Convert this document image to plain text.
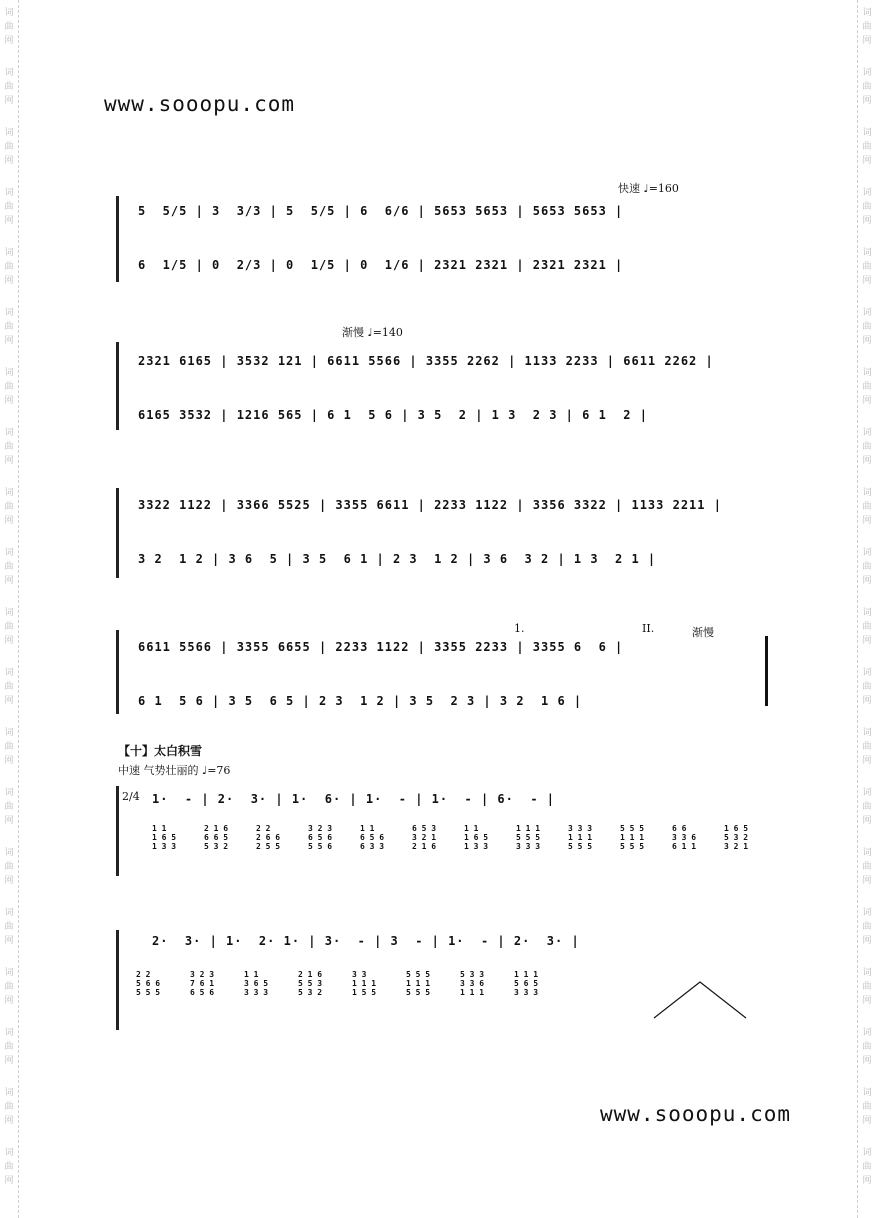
词
曲
网
词
曲
网
词
曲
网
词
曲
网
词
曲
网
词
曲
网
词
曲
网
词
曲
网
词
曲
网
词
曲
网
词
曲
网
词
曲
网
词
曲
网
词
曲
网
词
曲
网
词
曲
网
词
曲
网
词
曲
网
词
曲
网
词
曲
网
词
曲
网
词
曲
网
词
曲
网
词
曲
网
词
曲
网
词
曲
网
词
曲
网
词
曲
网
词
曲
网
词
曲
网
词
曲
网
词
曲
网
词
曲
网
词
曲
网
词
曲
网
词
曲
网
词
曲
网
词
曲
网
词
曲
网
词
曲
网
www.sooopu.com
快速 ♩=160
5  5/5 | 3  3/3 | 5  5/5 | 6  6/6 | 5653 5653 | 5653 5653 |
6  1/5 | 0  2/3 | 0  1/5 | 0  1/6 | 2321 2321 | 2321 2321 |
渐慢 ♩=140
2321 6165 | 3532 121 | 6611 5566 | 3355 2262 | 1133 2233 | 6611 2262 |
6165 3532 | 1216 565 | 6 1  5 6 | 3 5  2 | 1 3  2 3 | 6 1  2 |
3322 1122 | 3366 5525 | 3355 6611 | 2233 1122 | 3356 3322 | 1133 2211 |
3 2  1 2 | 3 6  5 | 3 5  6 1 | 2 3  1 2 | 3 6  3 2 | 1 3  2 1 |
1.	II.	渐慢
6611 5566 | 3355 6655 | 2233 1122 | 3355 2233 | 3355 6  6 |
6 1  5 6 | 3 5  6 5 | 2 3  1 2 | 3 5  2 3 | 3 2  1 6 |
【十】太白积雪
中速 气势壮丽的 ♩=76
2/4 1·  - | 2·  3· | 1·  6· | 1·  - | 1·  - | 6·  - |
1 1
1 6 5
1 3 3
2 1 6
6 6 5
5 3 2
2 2
2 6 6
2 5 5
3 2 3
6 5 6
5 5 6
1 1
6 5 6
6 3 3
6 5 3
3 2 1
2 1 6
1 1
1 6 5
1 3 3
1 1 1
5 5 5
3 3 3
3 3 3
1 1 1
5 5 5
5 5 5
1 1 1
5 5 5
6 6
3 3 6
6 1 1
1 6 5
5 3 2
3 2 1
2·  3· | 1·  2· 1· | 3·  - | 3  - | 1·  - | 2·  3· |
2 2
5 6 6
5 5 5
3 2 3
7 6 1
6 5 6
1 1
3 6 5
3 3 3
2 1 6
5 5 3
5 3 2
3 3
1 1 1
1 5 5
5 5 5
1 1 1
5 5 5
5 3 3
3 3 6
1 1 1
1 1 1
5 6 5
3 3 3
www.sooopu.com
